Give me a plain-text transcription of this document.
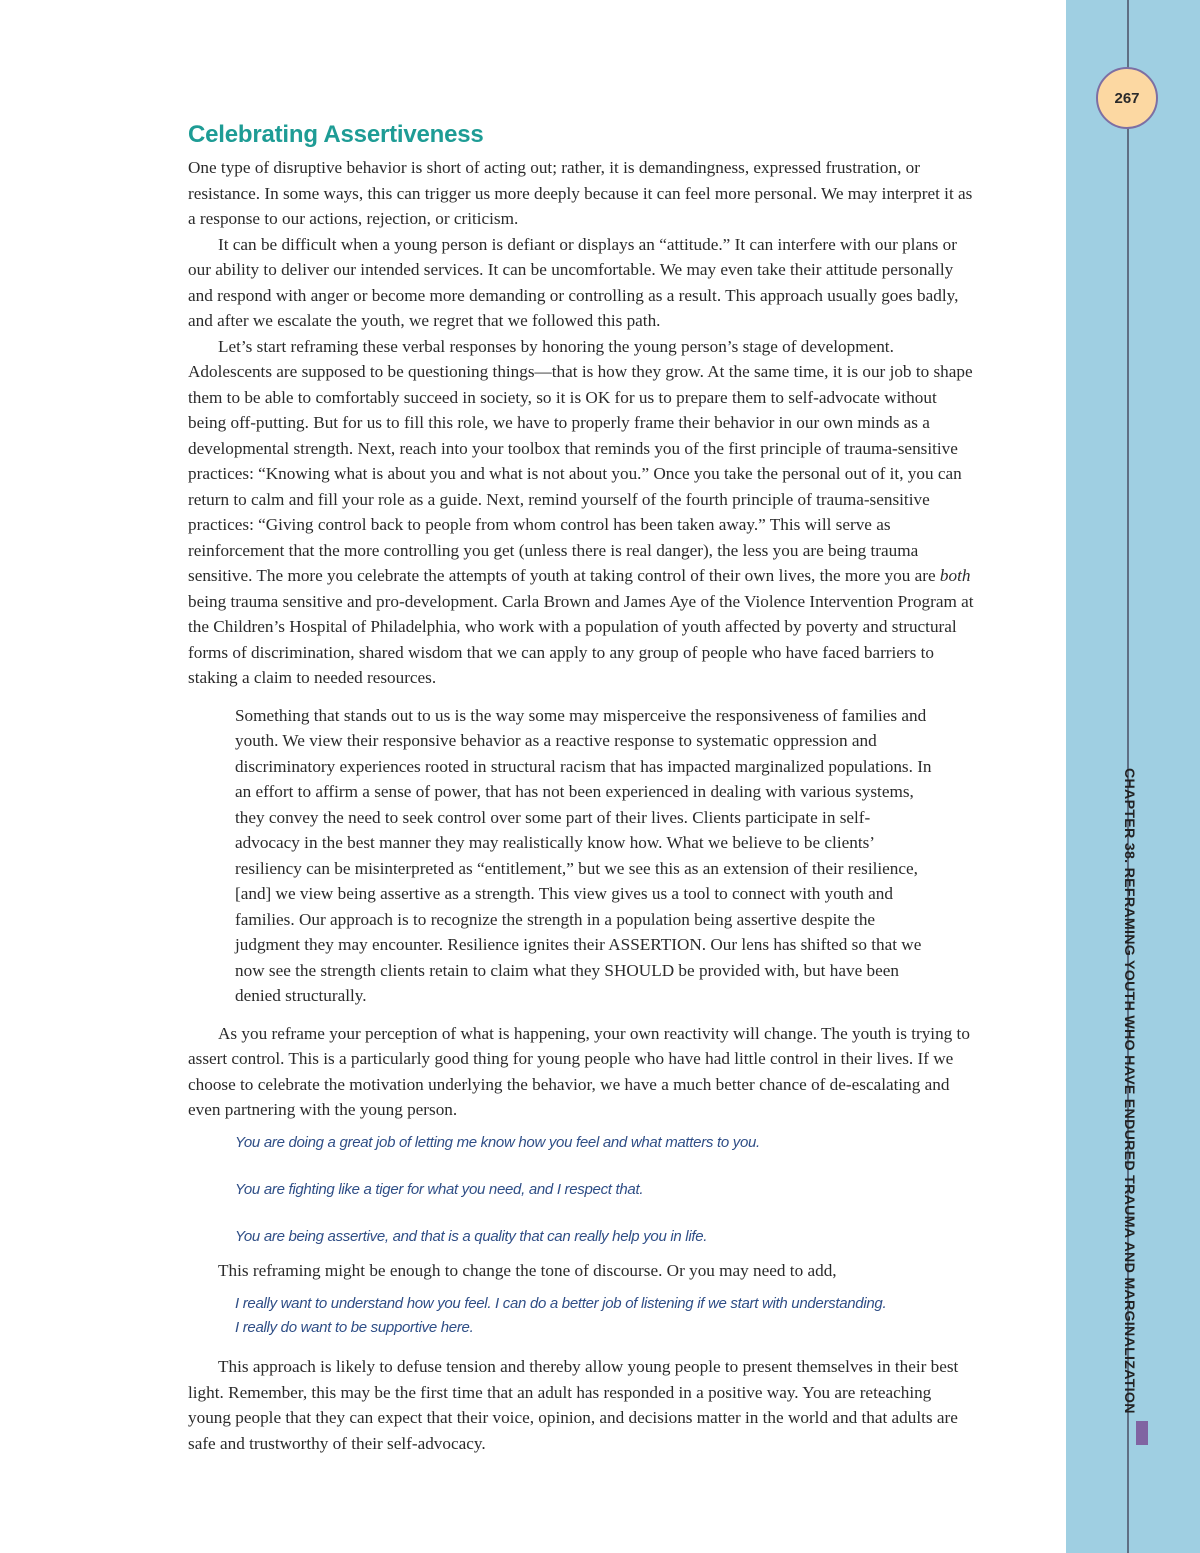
267
CHAPTER 38. REFRAMING YOUTH WHO HAVE ENDURED TRAUMA AND MARGINALIZATION
Celebrating Assertiveness

One type of disruptive behavior is short of acting out; rather, it is demandingness, expressed frustration, or resistance. In some ways, this can trigger us more deeply because it can feel more personal. We may interpret it as a response to our actions, rejection, or criticism.

It can be difficult when a young person is defiant or displays an “attitude.” It can interfere with our plans or our ability to deliver our intended services. It can be uncomfortable. We may even take their attitude personally and respond with anger or become more demanding or controlling as a result. This approach usually goes badly, and after we escalate the youth, we regret that we followed this path.

Let’s start reframing these verbal responses by honoring the young person’s stage of development. Adolescents are supposed to be questioning things—that is how they grow. At the same time, it is our job to shape them to be able to comfortably succeed in society, so it is OK for us to prepare them to self-advocate without being off-putting. But for us to fill this role, we have to properly frame their behavior in our own minds as a developmental strength. Next, reach into your toolbox that reminds you of the first principle of trauma-sensitive practices: “Knowing what is about you and what is not about you.” Once you take the personal out of it, you can return to calm and fill your role as a guide. Next, remind yourself of the fourth principle of trauma-sensitive practices: “Giving control back to people from whom control has been taken away.” This will serve as reinforcement that the more controlling you get (unless there is real danger), the less you are being trauma sensitive. The more you celebrate the attempts of youth at taking control of their own lives, the more you are both being trauma sensitive and pro-development. Carla Brown and James Aye of the Violence Intervention Program at the Children’s Hospital of Philadelphia, who work with a population of youth affected by poverty and structural forms of discrimination, shared wisdom that we can apply to any group of people who have faced barriers to staking a claim to needed resources.

Something that stands out to us is the way some may misperceive the responsiveness of families and youth. We view their responsive behavior as a reactive response to systematic oppression and discriminatory experiences rooted in structural racism that has impacted marginalized populations. In an effort to affirm a sense of power, that has not been experienced in dealing with various systems, they convey the need to seek control over some part of their lives. Clients participate in self-advocacy in the best manner they may realistically know how. What we believe to be clients’ resiliency can be misinterpreted as “entitlement,” but we see this as an extension of their resilience, [and] we view being assertive as a strength. This view gives us a tool to connect with youth and families. Our approach is to recognize the strength in a population being assertive despite the judgment they may encounter. Resilience ignites their ASSERTION. Our lens has shifted so that we now see the strength clients retain to claim what they SHOULD be provided with, but have been denied structurally.

As you reframe your perception of what is happening, your own reactivity will change. The youth is trying to assert control. This is a particularly good thing for young people who have had little control in their lives. If we choose to celebrate the motivation underlying the behavior, we have a much better chance of de-escalating and even partnering with the young person.

You are doing a great job of letting me know how you feel and what matters to you.

You are fighting like a tiger for what you need, and I respect that.

You are being assertive, and that is a quality that can really help you in life.

This reframing might be enough to change the tone of discourse. Or you may need to add,

I really want to understand how you feel. I can do a better job of listening if we start with understanding.
I really do want to be supportive here.

This approach is likely to defuse tension and thereby allow young people to present themselves in their best light. Remember, this may be the first time that an adult has responded in a positive way. You are reteaching young people that they can expect that their voice, opinion, and decisions matter in the world and that adults are safe and trustworthy of their self-advocacy.
